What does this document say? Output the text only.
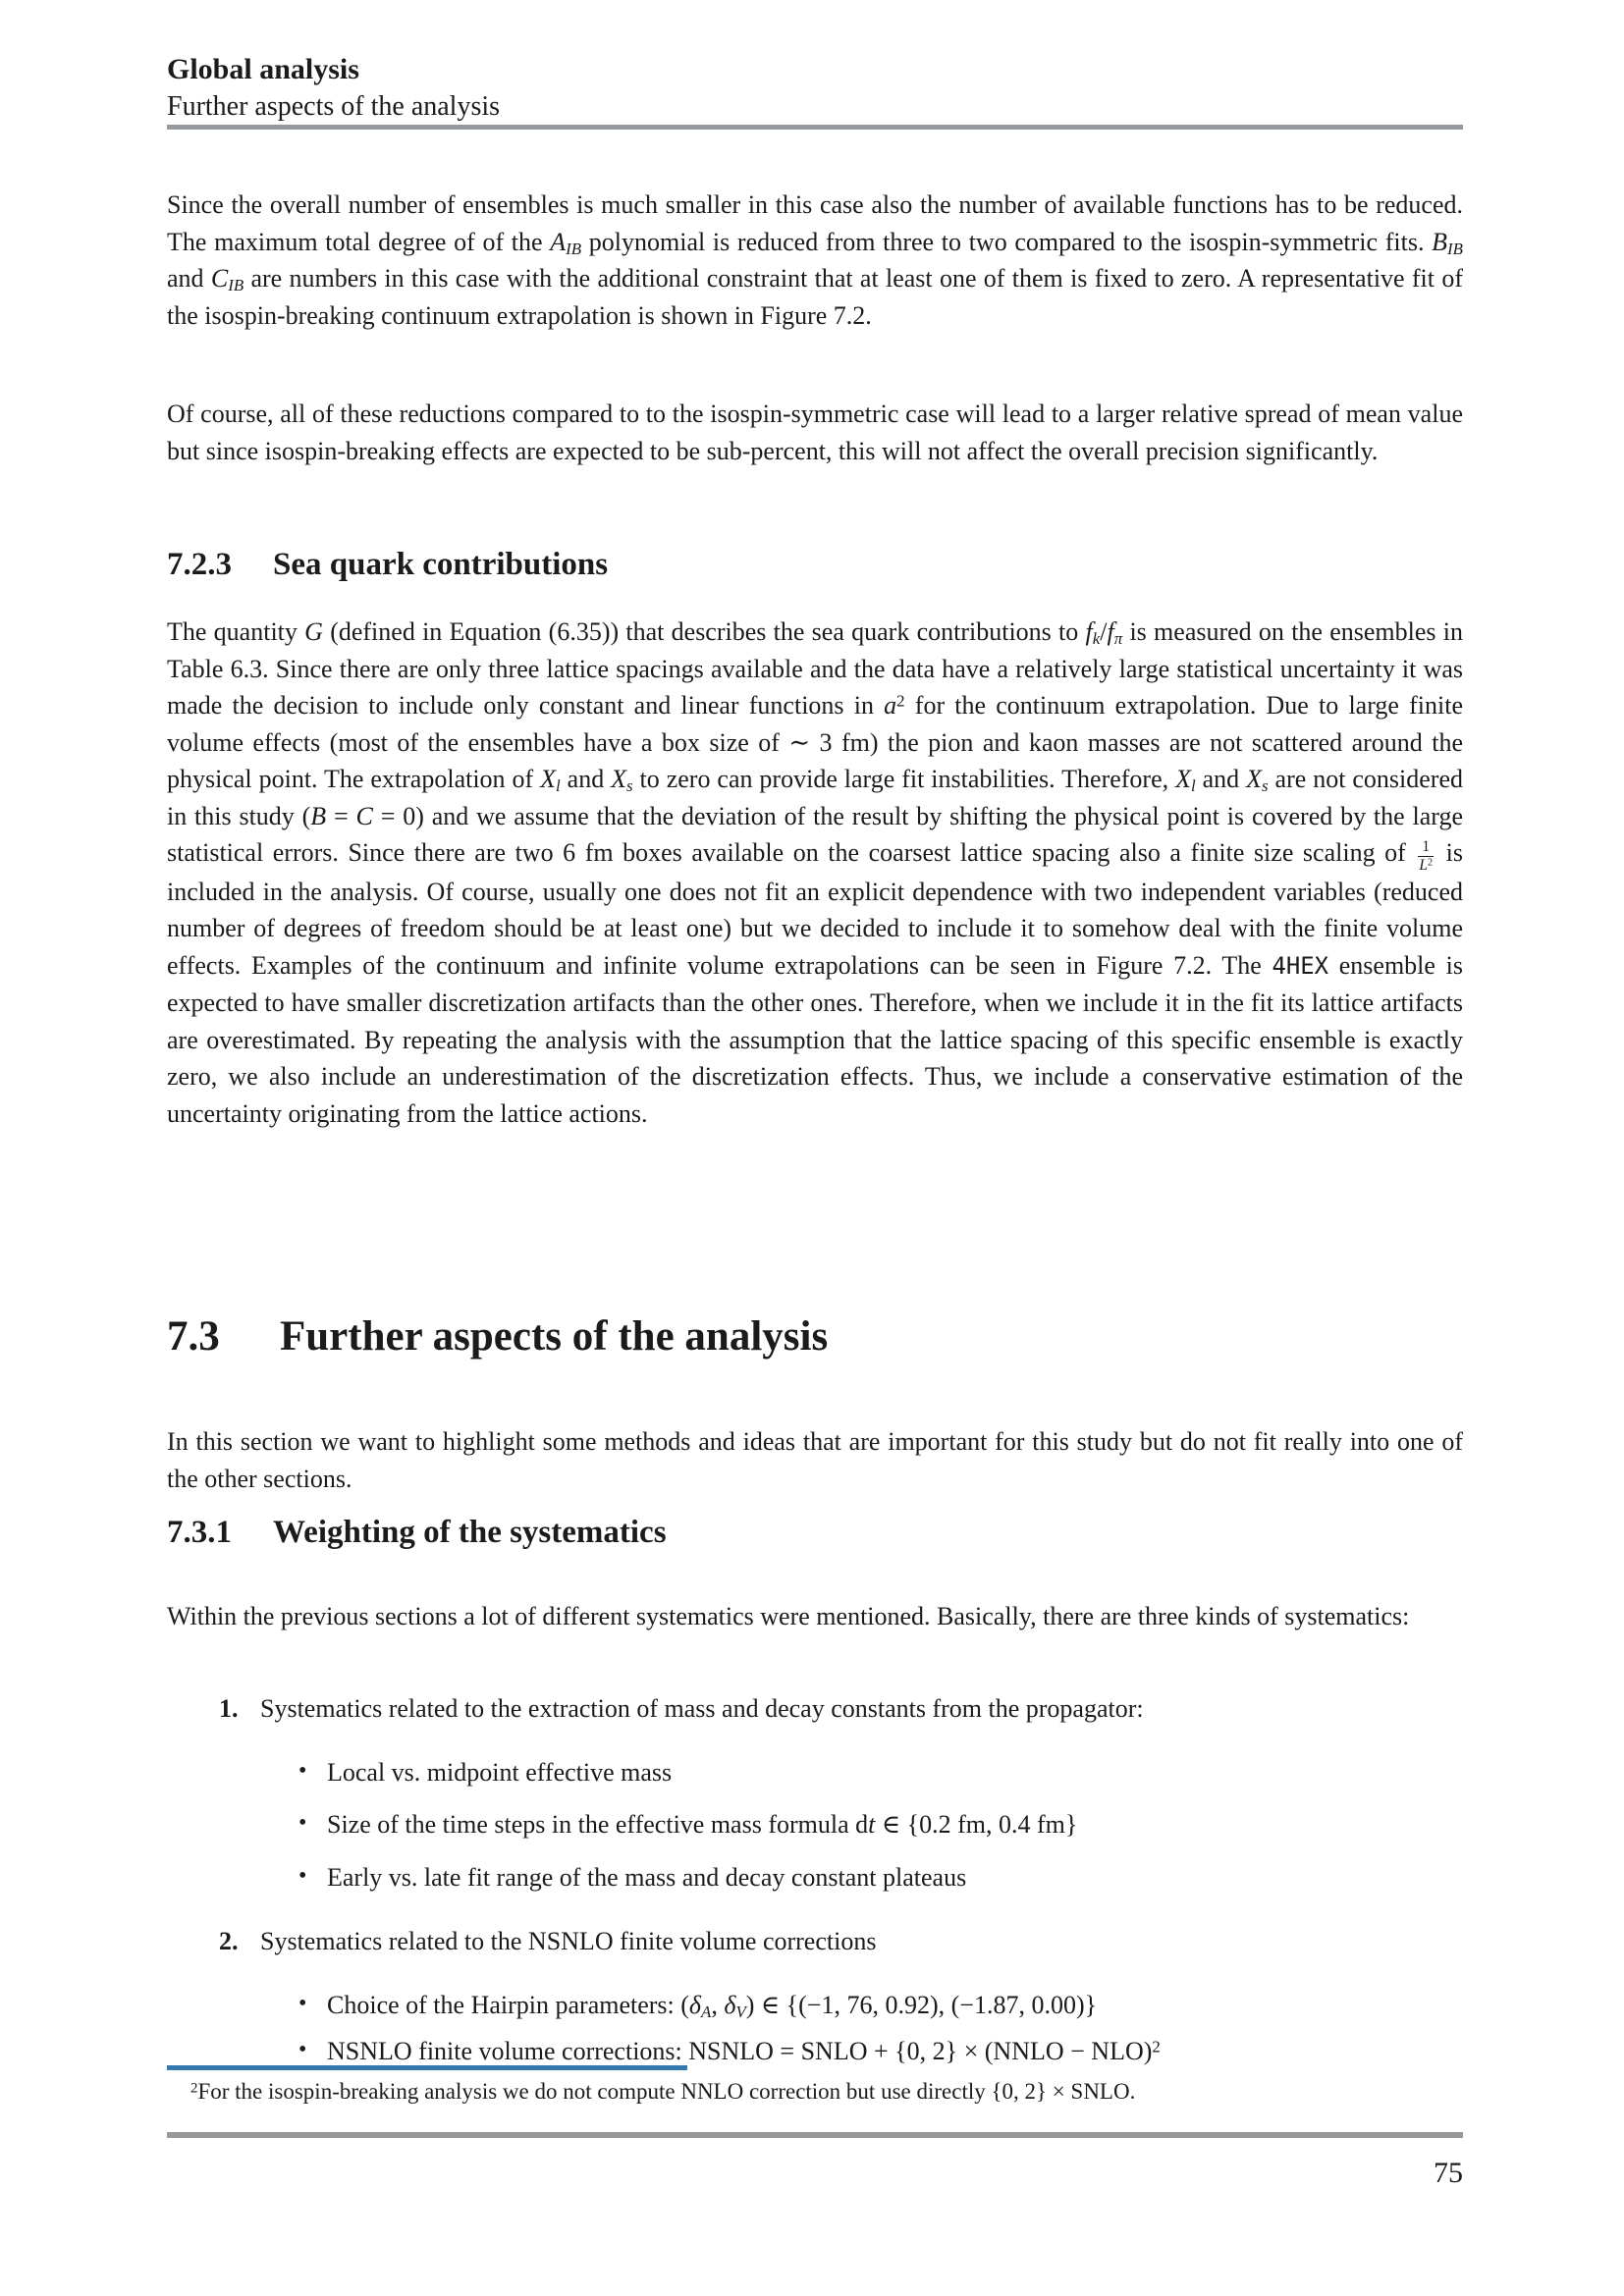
Global analysis
Further aspects of the analysis

Since the overall number of ensembles is much smaller in this case also the number of available functions has to be reduced. The maximum total degree of of the $A_{IB}$ polynomial is reduced from three to two compared to the isospin-symmetric fits. $B_{IB}$ and $C_{IB}$ are numbers in this case with the additional constraint that at least one of them is fixed to zero. A representative fit of the isospin-breaking continuum extrapolation is shown in Figure 7.2.

Of course, all of these reductions compared to to the isospin-symmetric case will lead to a larger relative spread of mean value but since isospin-breaking effects are expected to be sub-percent, this will not affect the overall precision significantly.

7.2.3 Sea quark contributions

The quantity G (defined in Equation (6.35)) that describes the sea quark contributions to $f_k/f_\pi$ is measured on the ensembles in Table 6.3. Since there are only three lattice spacings available and the data have a relatively large statistical uncertainty it was made the decision to include only constant and linear functions in $a^2$ for the continuum extrapolation. Due to large finite volume effects (most of the ensembles have a box size of ∼ 3 fm) the pion and kaon masses are not scattered around the physical point. The extrapolation of $X_l$ and $X_s$ to zero can provide large fit instabilities. Therefore, $X_l$ and $X_s$ are not considered in this study (B = C = 0) and we assume that the deviation of the result by shifting the physical point is covered by the large statistical errors. Since there are two 6 fm boxes available on the coarsest lattice spacing also a finite size scaling of $\frac{1}{L^2}$ is included in the analysis. Of course, usually one does not fit an explicit dependence with two independent variables (reduced number of degrees of freedom should be at least one) but we decided to include it to somehow deal with the finite volume effects. Examples of the continuum and infinite volume extrapolations can be seen in Figure 7.2. The 4HEX ensemble is expected to have smaller discretization artifacts than the other ones. Therefore, when we include it in the fit its lattice artifacts are overestimated. By repeating the analysis with the assumption that the lattice spacing of this specific ensemble is exactly zero, we also include an underestimation of the discretization effects. Thus, we include a conservative estimation of the uncertainty originating from the lattice actions.

7.3 Further aspects of the analysis

In this section we want to highlight some methods and ideas that are important for this study but do not fit really into one of the other sections.

7.3.1 Weighting of the systematics

Within the previous sections a lot of different systematics were mentioned. Basically, there are three kinds of systematics:

1. Systematics related to the extraction of mass and decay constants from the propagator:
• Local vs. midpoint effective mass
• Size of the time steps in the effective mass formula dt ∈ {0.2 fm, 0.4 fm}
• Early vs. late fit range of the mass and decay constant plateaus
2. Systematics related to the NSNLO finite volume corrections
• Choice of the Hairpin parameters: ($\delta_A$, $\delta_V$) ∈ {(−1, 76, 0.92), (−1.87, 0.00)}
• NSNLO finite volume corrections: NSNLO = SNLO + {0, 2} × (NNLO − NLO)$^2$
$^2$For the isospin-breaking analysis we do not compute NNLO correction but use directly {0, 2} × SNLO.
75
